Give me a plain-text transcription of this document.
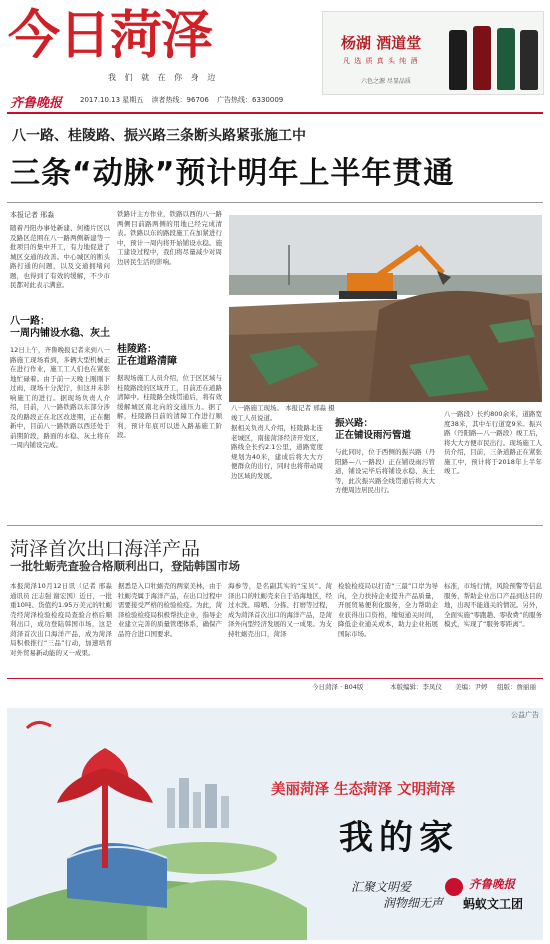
今日菏泽
我 们 就 在 你 身 边
齐鲁晚报	2017.10.13 星期五 读者热线：96706 广告热线：6330009
杨湖 酒道堂
凡 选 质 真 头 纯 酒
六色之源 尽显品质
八一路、桂陵路、振兴路三条断头路紧张施工中
三条“动脉”预计明年上半年贯通
本报记者 邢淼
随着丹阳办事处新建、何楼片区以及路区范围在八一路两侧新建等一批项目的集中开工，有力地促进了城区交通的改善。中心城区的断头路打通的问题，以及交通拥堵问题，也得到了有效的缓解，不少市民都对此表示满意。
八一路：
一周内铺设水稳、灰土
12日上午，齐鲁晚报记者来到八一路施工现场看到，多辆大型机械正在进行作业，施工工人们也在紧张地忙碌着。由于前一天晚上刚刚下过雨，现场十分泥泞，但这并未影响施工的进行。据现场负责人介绍，目前，八一路铁路以东部分涉及的路段正在北区改进期，正在翻新中，目前八一路铁路以西还处于前期阶段，路面的水稳、灰土将在一周内铺设完成。
铁路计主方作业，铁路以西的八一路两侧目前路两侧的用地已经完成清表。铁路以东的路段施工在加紧进行中，预计一周内将开始铺设水稳。施工建设过程中，我们将尽量减少对周边居民生活的影响。
桂陵路：
正在道路清障
据现场施工人员介绍，位于区区域与桂陵路段的区域开工，目前还在道路清障中。桂陵路全线贯通后，将有效缓解城区南北向的交通压力。据了解，桂陵路目前的清障工作进行顺利，预计年底可以进入路基施工阶段。
八一路施工现场。 本报记者 邢淼 摄
竣工人员说道。
据相关负责人介绍，桂陵路北连老城区，南接菏泽经济开发区，路线全长约2.1公里，道路宽度规划为40米，建成后将大大方便群众的出行，同时也将带动周边区域的发展。
振兴路：
正在铺设雨污管道
与此同时，位于西侧的振兴路（丹阳路—八一路段）正在铺设雨污管道，铺设完毕后将铺设水稳、灰土等，此次振兴路全线贯通后将大大方便周边居民出行。
八一路段）长约800余米，道路宽度38米，其中车行道宽9米。振兴路（丹阳路—八一路段）竣工后，将大大方便市民出行。现场施工人员介绍，目前，三条道路正在紧张施工中，预计将于2018年上半年竣工。
菏泽首次出口海洋产品
一批牡蛎壳查验合格顺利出口，登陆韩国市场
本报菏泽10月12日讯（记者 邢淼 通讯员 汪志强 谢宏国）近日，一批重10吨、货值约1.95万美元的牡蛎壳经菏泽检验检疫局查验合格后顺利出口，成功登陆韩国市场，这是菏泽首次出口海洋产品，成为菏泽局积极推行“三品”行动，加速培育对外贸易新动能的又一成果。
据悉是入口牡蛎壳的两家美林，由于牡蛎壳属于海洋产品，在出口过程中需要接受严格的检验检疫。为此，菏泽检验检疫局积极帮扶企业，指导企业建立完善的质量管理体系，确保产品符合进口国要求。
海参等，是名副其实的“宝贝”。菏泽出口的牡蛎壳来自于沿海地区，经过水洗、晾晒、分拣、打磨等过程，成为菏泽首次出口的海洋产品，是菏泽外向型经济发展的又一成果。为支持牡蛎壳出口，菏泽
检验检疫局以打造“三最”口岸为导向，全力扶持企业提升产品质量，开展贸易便利化服务，全力帮助企业获得出口资格，缩短通关时间，降低企业通关成本，助力企业拓展国际市场。
标准，市场行情，风险预警等信息服务，帮助企业出口产品到达目的地，出现不能通关的情况。另外，全面实施“零跑趟、零收费”的服务模式，实现了“服务零距离”。
今日菏泽 · B04版	本版编辑：李凤仪 美编：尹婷 组版：詹丽丽
公益广告
美丽菏泽 生态菏泽 文明菏泽
我的家
汇聚文明爱
润物细无声
齐鲁晚报
蚂蚁文工团
